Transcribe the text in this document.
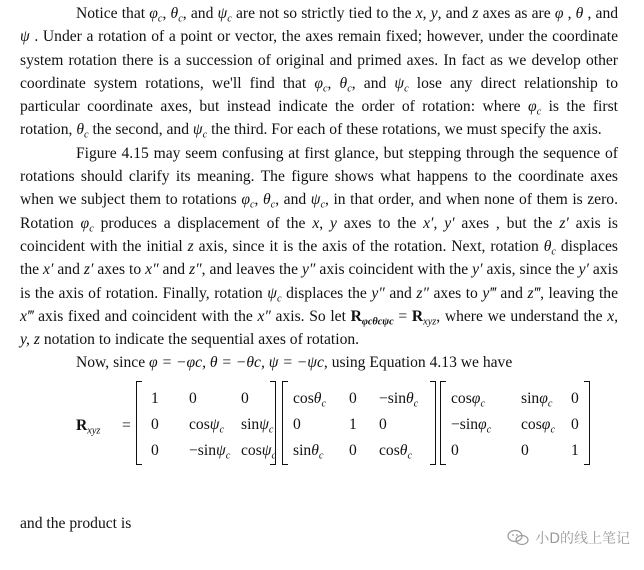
Notice that $\varphi_c$, $\theta_c$, and $\psi_c$ are not so strictly tied to the x, y, and z axes as are φ , θ , and ψ . Under a rotation of a point or vector, the axes remain fixed; however, under the coordinate system rotation there is a succession of original and primed axes. In fact as we develop other coordinate system rotations, we'll find that $\varphi_c$, $\theta_c$, and $\psi_c$ lose any direct relationship to particular coordinate axes, but instead indicate the order of rotation: where $\varphi_c$ is the first rotation, $\theta_c$ the second, and $\psi_c$ the third. For each of these rotations, we must specify the axis.

Figure 4.15 may seem confusing at first glance, but stepping through the sequence of rotations should clarify its meaning. The figure shows what happens to the coordinate axes when we subject them to rotations $\varphi_c$, $\theta_c$, and $\psi_c$, in that order, and when none of them is zero. Rotation $\varphi_c$ produces a displacement of the x, y axes to the x′, y′ axes , but the z′ axis is coincident with the initial z axis, since it is the axis of the rotation. Next, rotation $\theta_c$ displaces the x′ and z′ axes to x″ and z″, and leaves the y″ axis coincident with the y′ axis, since the y′ axis is the axis of rotation. Finally, rotation $\psi_c$ displaces the y″ and z″ axes to y‴ and z‴, leaving the x‴ axis fixed and coincident with the x″ axis. So let $R_{\varphi c\theta c\psi c} = R_{xyz}$, where we understand the x, y, z notation to indicate the sequential axes of rotation.

Now, since φ = −φc, θ = −θc, ψ = −ψc, using Equation 4.13 we have

$R_{xyz}$ =
1 0	0
0 cosψ$_c$ sinψ$_c$
0 −sinψ$_c$ cosψ$_c$
cosθ$_c$ 0 −sinθ$_c$
0	1 0
sinθ$_c$ 0 cosθ$_c$
cosφ$_c$ sinφ$_c$ 0
−sinφ$_c$ cosφ$_c$ 0
0	0	1
and the product is
小D的线上笔记
